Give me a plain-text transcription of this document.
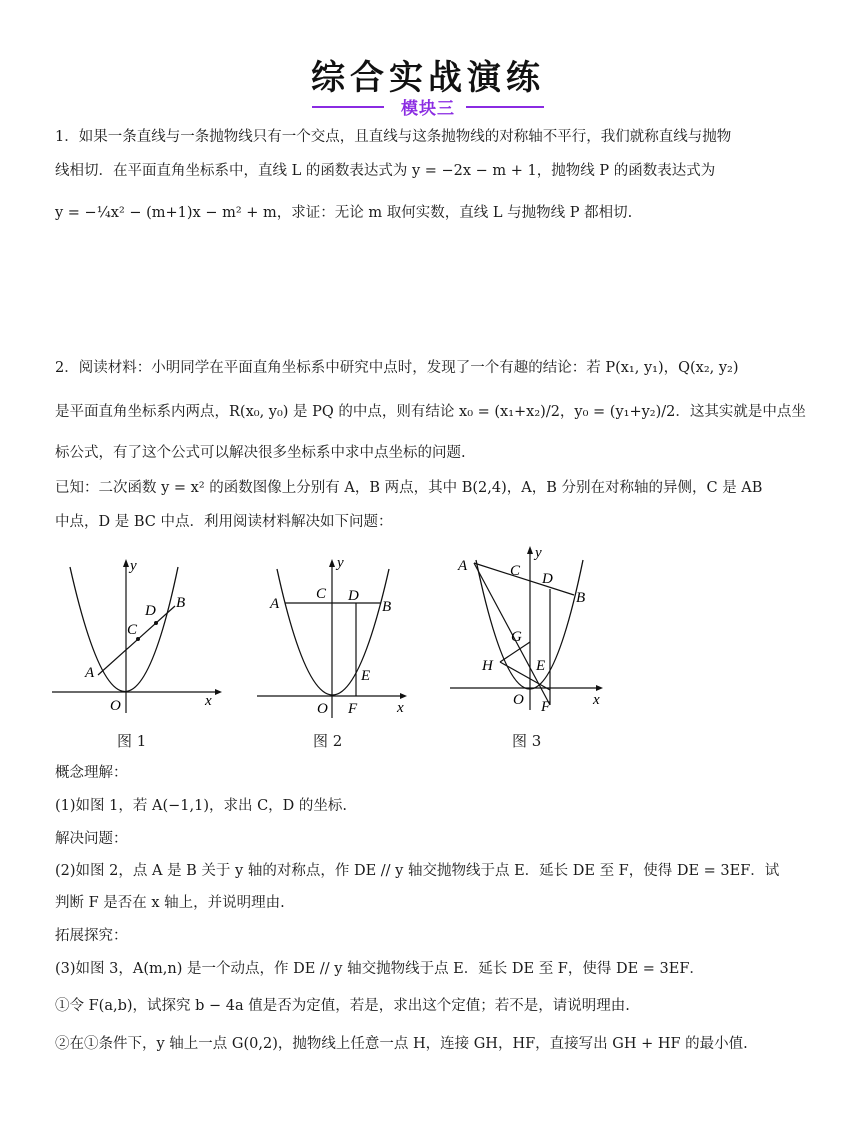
综合实战演练
模块三
1．如果一条直线与一条抛物线只有一个交点，且直线与这条抛物线的对称轴不平行，我们就称直线与抛物
线相切．在平面直角坐标系中，直线 L 的函数表达式为 y = −2x − m + 1，抛物线 P 的函数表达式为
y = −¼x² − (m+1)x − m² + m，求证：无论 m 取何实数，直线 L 与抛物线 P 都相切.
2．阅读材料：小明同学在平面直角坐标系中研究中点时，发现了一个有趣的结论：若 P(x₁, y₁)，Q(x₂, y₂)
是平面直角坐标系内两点，R(x₀, y₀) 是 PQ 的中点，则有结论 x₀ = (x₁+x₂)/2，y₀ = (y₁+y₂)/2．这其实就是中点坐
标公式，有了这个公式可以解决很多坐标系中求中点坐标的问题.
已知：二次函数 y = x² 的函数图像上分别有 A，B 两点，其中 B(2,4)，A，B 分别在对称轴的异侧，C 是 AB
中点，D 是 BC 中点．利用阅读材料解决如下问题：
A
B
C
D
O	x
y
图 1
A	B
C D
E
F
O	x
y
图 2
A
B
C D
E
F
G
H
O	x
y
图 3
概念理解：
(1)如图 1，若 A(−1,1)，求出 C，D 的坐标.
解决问题：
(2)如图 2，点 A 是 B 关于 y 轴的对称点，作 DE // y 轴交抛物线于点 E．延长 DE 至 F，使得 DE = 3EF．试
判断 F 是否在 x 轴上，并说明理由.
拓展探究：
(3)如图 3，A(m,n) 是一个动点，作 DE // y 轴交抛物线于点 E．延长 DE 至 F，使得 DE = 3EF．
①令 F(a,b)，试探究 b − 4a 值是否为定值，若是，求出这个定值；若不是，请说明理由.
②在①条件下，y 轴上一点 G(0,2)，抛物线上任意一点 H，连接 GH，HF，直接写出 GH + HF 的最小值.
